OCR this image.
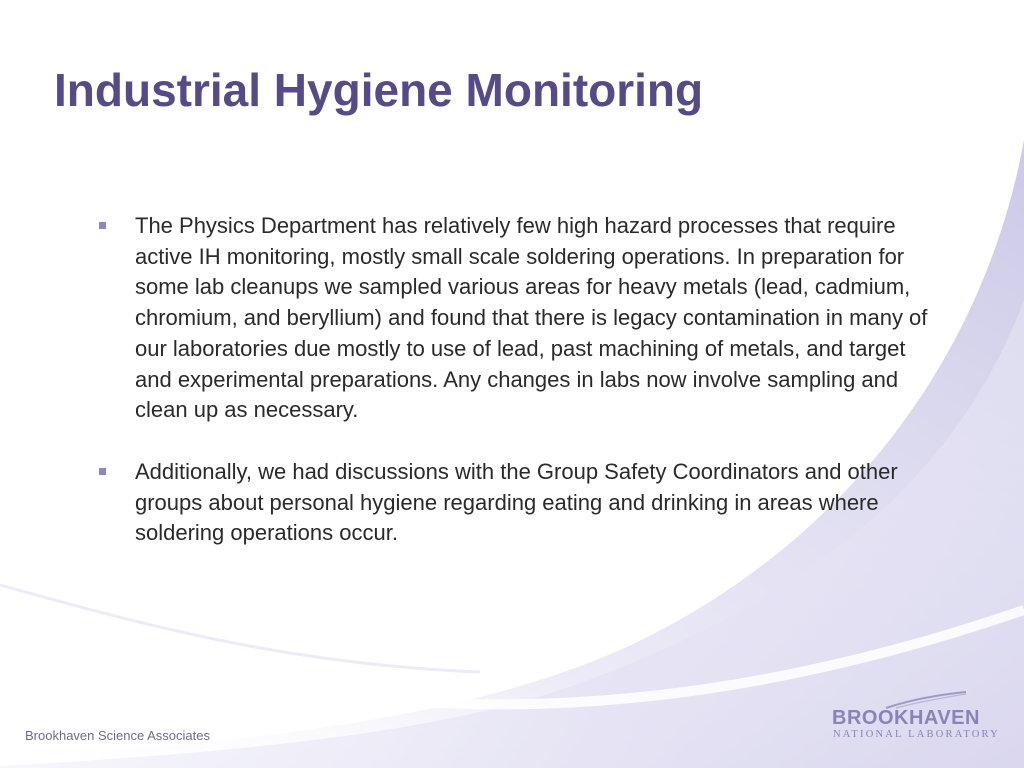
Industrial Hygiene Monitoring
The Physics Department has relatively few high hazard processes that require active IH monitoring, mostly small scale soldering operations. In preparation for some lab cleanups we sampled various areas for heavy metals (lead, cadmium, chromium, and beryllium) and found that there is legacy contamination in many of our laboratories due mostly to use of lead, past machining of metals, and target and experimental preparations. Any changes in labs now involve sampling and clean up as necessary.
Additionally, we had discussions with the Group Safety Coordinators and other groups about personal hygiene regarding eating and drinking in areas where soldering operations occur.
Brookhaven Science Associates
BROOKHAVEN
NATIONAL LABORATORY
